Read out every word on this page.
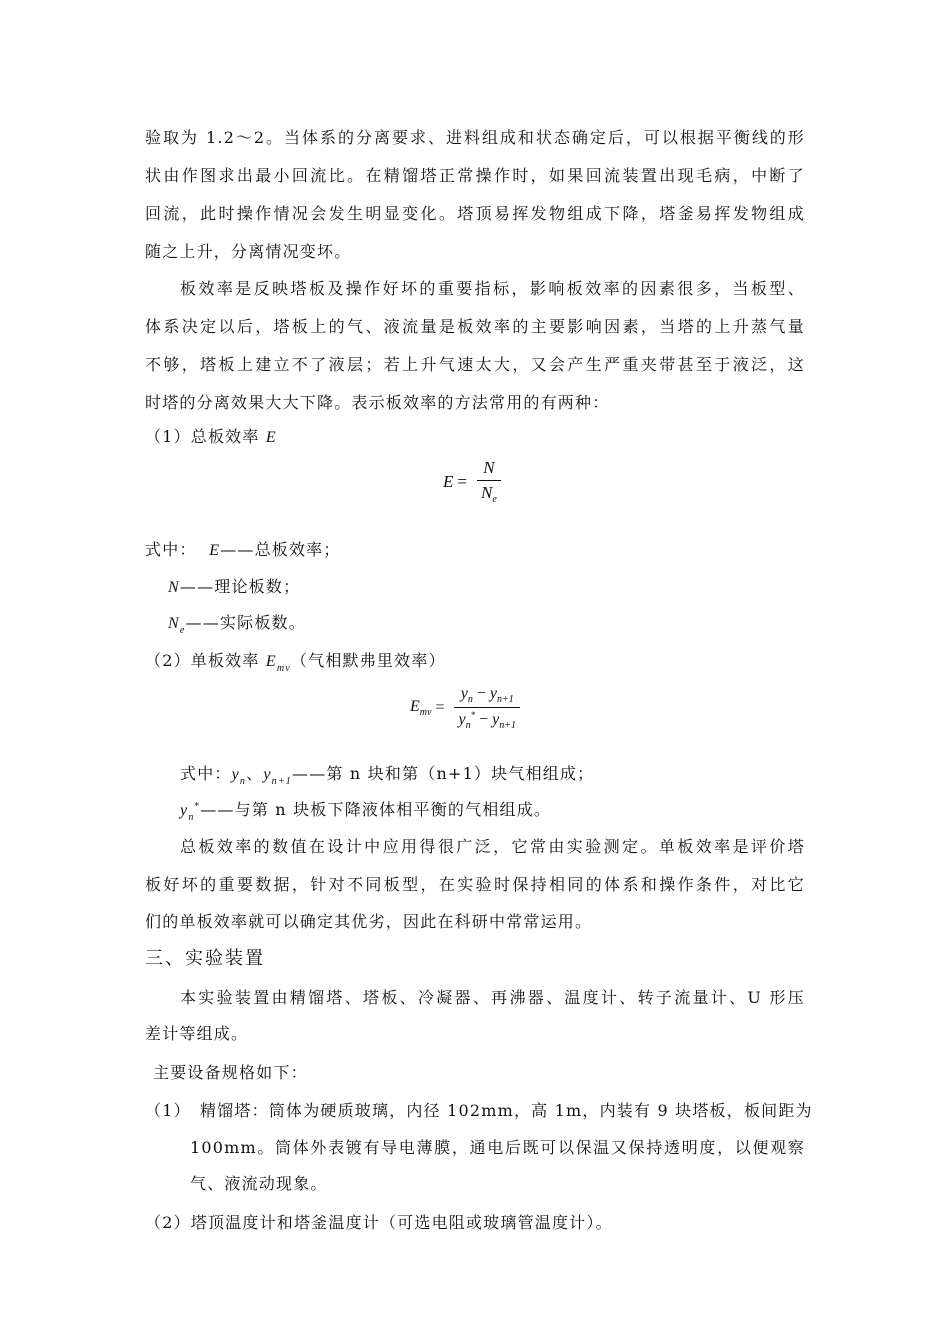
验取为 1.2～2。当体系的分离要求、进料组成和状态确定后，可以根据平衡线的形
状由作图求出最小回流比。在精馏塔正常操作时，如果回流装置出现毛病，中断了
回流，此时操作情况会发生明显变化。塔顶易挥发物组成下降，塔釜易挥发物组成
随之上升，分离情况变坏。
板效率是反映塔板及操作好坏的重要指标，影响板效率的因素很多，当板型、
体系决定以后，塔板上的气、液流量是板效率的主要影响因素，当塔的上升蒸气量
不够，塔板上建立不了液层；若上升气速太大，又会产生严重夹带甚至于液泛，这
时塔的分离效果大大下降。表示板效率的方法常用的有两种：
（1）总板效率 E
$E = \frac{N}{N_e}$
式中： E——总板效率；
N——理论板数；
$N_e——$实际板数。
（2）单板效率 $E_{mv}$（气相默弗里效率）
$E_{mv} = \frac{y_n - y_{n+1}}{y_n^* - y_{n+1}}$
式中：$y_n$、$y_{n+1}——$第 n 块和第（n+1）块气相组成；
$y_n^*——$与第 n 块板下降液体相平衡的气相组成。
总板效率的数值在设计中应用得很广泛，它常由实验测定。单板效率是评价塔
板好坏的重要数据，针对不同板型，在实验时保持相同的体系和操作条件，对比它
们的单板效率就可以确定其优劣，因此在科研中常常运用。
三、实验装置
本实验装置由精馏塔、塔板、冷凝器、再沸器、温度计、转子流量计、U 形压
差计等组成。
主要设备规格如下：
（1） 精馏塔：筒体为硬质玻璃，内径 102mm，高 1m，内装有 9 块塔板，板间距为
100mm。筒体外表镀有导电薄膜，通电后既可以保温又保持透明度，以便观察
气、液流动现象。
（2）塔顶温度计和塔釜温度计（可选电阻或玻璃管温度计）。
